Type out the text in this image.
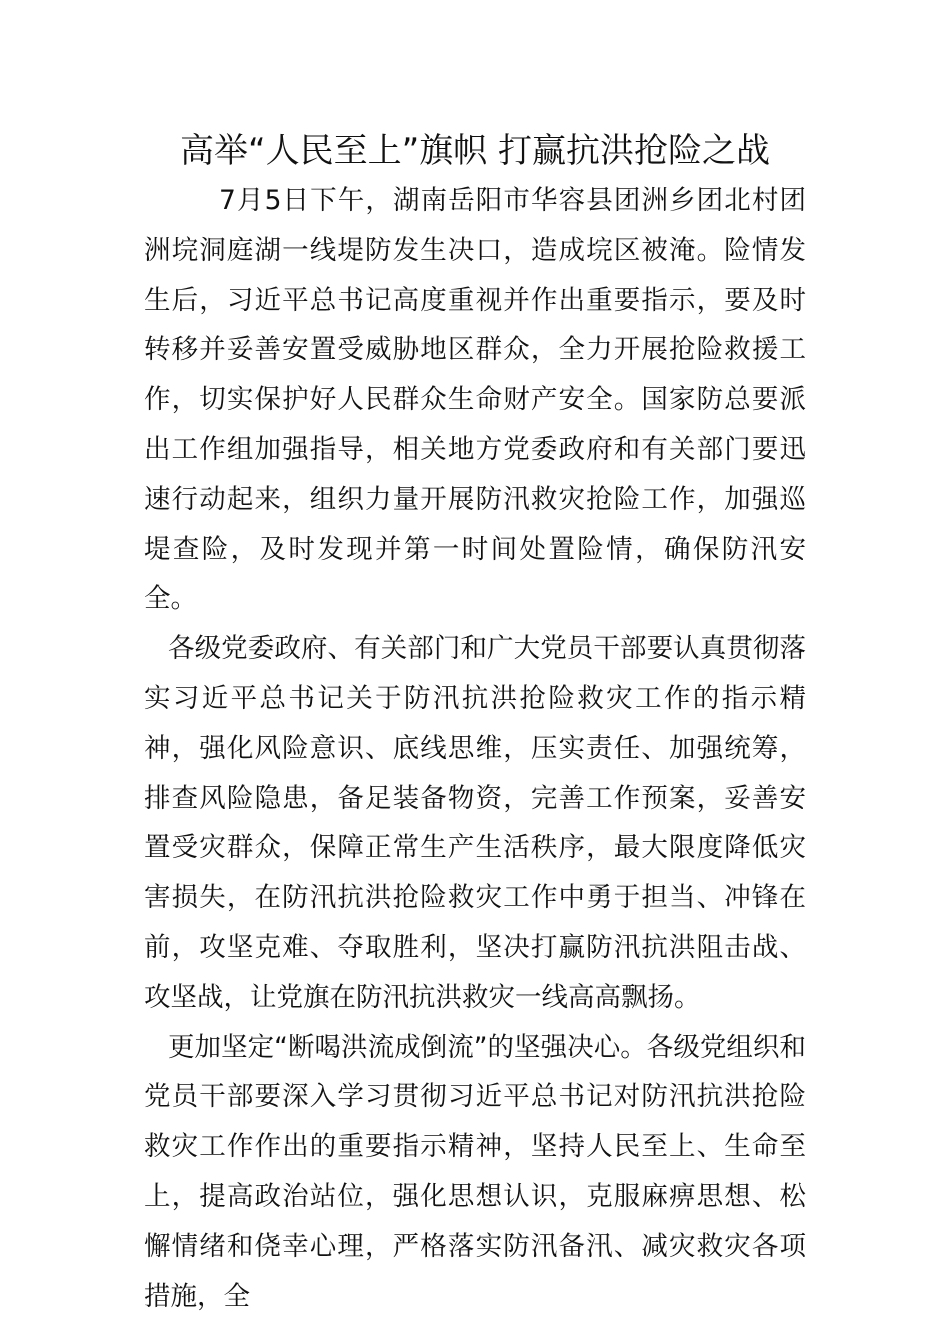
高举“人民至上”旗帜 打赢抗洪抢险之战

7月5日下午，湖南岳阳市华容县团洲乡团北村团洲垸洞庭湖一线堤防发生决口，造成垸区被淹。险情发生后，习近平总书记高度重视并作出重要指示，要及时转移并妥善安置受威胁地区群众，全力开展抢险救援工作，切实保护好人民群众生命财产安全。国家防总要派出工作组加强指导，相关地方党委政府和有关部门要迅速行动起来，组织力量开展防汛救灾抢险工作，加强巡堤查险，及时发现并第一时间处置险情，确保防汛安全。

各级党委政府、有关部门和广大党员干部要认真贯彻落实习近平总书记关于防汛抗洪抢险救灾工作的指示精神，强化风险意识、底线思维，压实责任、加强统筹，排查风险隐患，备足装备物资，完善工作预案，妥善安置受灾群众，保障正常生产生活秩序，最大限度降低灾害损失，在防汛抗洪抢险救灾工作中勇于担当、冲锋在前，攻坚克难、夺取胜利，坚决打赢防汛抗洪阻击战、攻坚战，让党旗在防汛抗洪救灾一线高高飘扬。

更加坚定“断喝洪流成倒流”的坚强决心。各级党组织和党员干部要深入学习贯彻习近平总书记对防汛抗洪抢险救灾工作作出的重要指示精神，坚持人民至上、生命至上，提高政治站位，强化思想认识，克服麻痹思想、松懈情绪和侥幸心理，严格落实防汛备汛、减灾救灾各项措施，全
